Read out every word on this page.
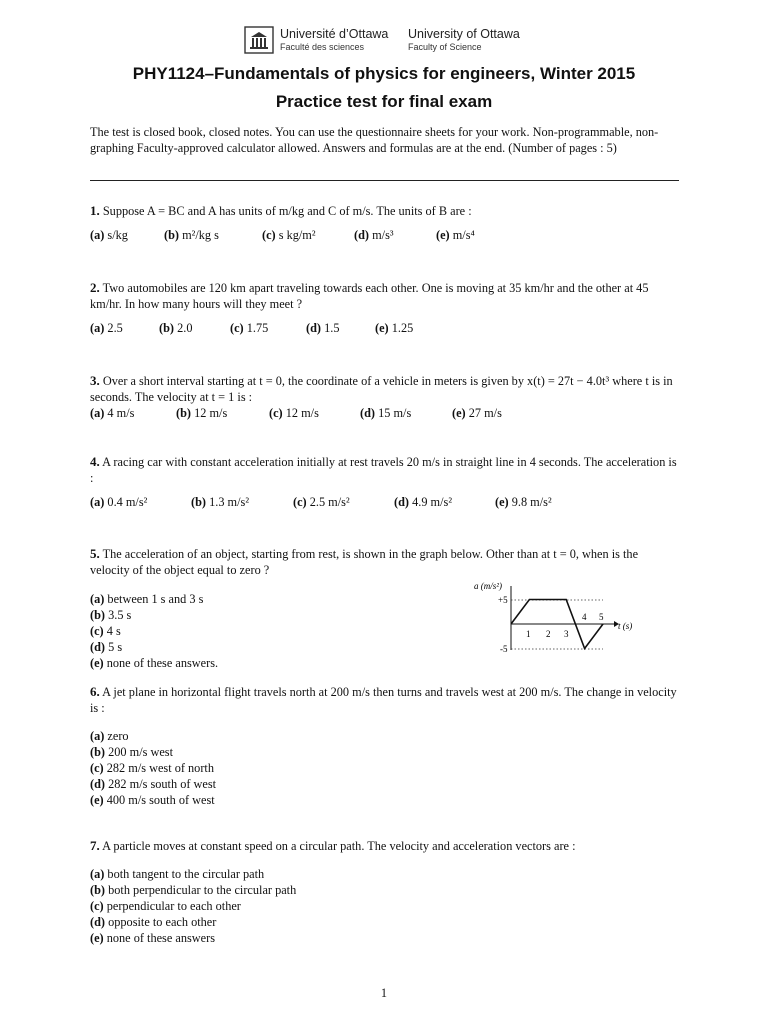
Université d’Ottawa
Faculté des sciences
University of Ottawa
Faculty of Science
PHY1124–Fundamentals of physics for engineers, Winter 2015
Practice test for final exam
The test is closed book, closed notes. You can use the questionnaire sheets for your work. Non-programmable, non-graphing Faculty-approved calculator allowed. Answers and formulas are at the end. (Number of pages : 5)
1. Suppose A = BC and A has units of m/kg and C of m/s. The units of B are :
(a) s/kg	(b) m²/kg s	(c) s kg/m²	(d) m/s³	(e) m/s⁴
2. Two automobiles are 120 km apart traveling towards each other. One is moving at 35 km/hr and the other at 45 km/hr. In how many hours will they meet ?
(a) 2.5	(b) 2.0	(c) 1.75	(d) 1.5	(e) 1.25
3. Over a short interval starting at t = 0, the coordinate of a vehicle in meters is given by x(t) = 27t − 4.0t³ where t is in seconds. The velocity at t = 1 is :
(a) 4 m/s	(b) 12 m/s	(c) 12 m/s	(d) 15 m/s	(e) 27 m/s
4. A racing car with constant acceleration initially at rest travels 20 m/s in straight line in 4 seconds. The acceleration is :
(a) 0.4 m/s²	(b) 1.3 m/s²	(c) 2.5 m/s²	(d) 4.9 m/s²	(e) 9.8 m/s²
5. The acceleration of an object, starting from rest, is shown in the graph below. Other than at t = 0, when is the velocity of the object equal to zero ?
(a) between 1 s and 3 s
(b) 3.5 s
(c) 4 s
(d) 5 s
(e) none of these answers.
a (m/s²)
+5
-5
t (s)
1 2 3
4 5
6. A jet plane in horizontal flight travels north at 200 m/s then turns and travels west at 200 m/s. The change in velocity is :
(a) zero
(b) 200 m/s west
(c) 282 m/s west of north
(d) 282 m/s south of west
(e) 400 m/s south of west
7. A particle moves at constant speed on a circular path. The velocity and acceleration vectors are :
(a) both tangent to the circular path
(b) both perpendicular to the circular path
(c) perpendicular to each other
(d) opposite to each other
(e) none of these answers
1
